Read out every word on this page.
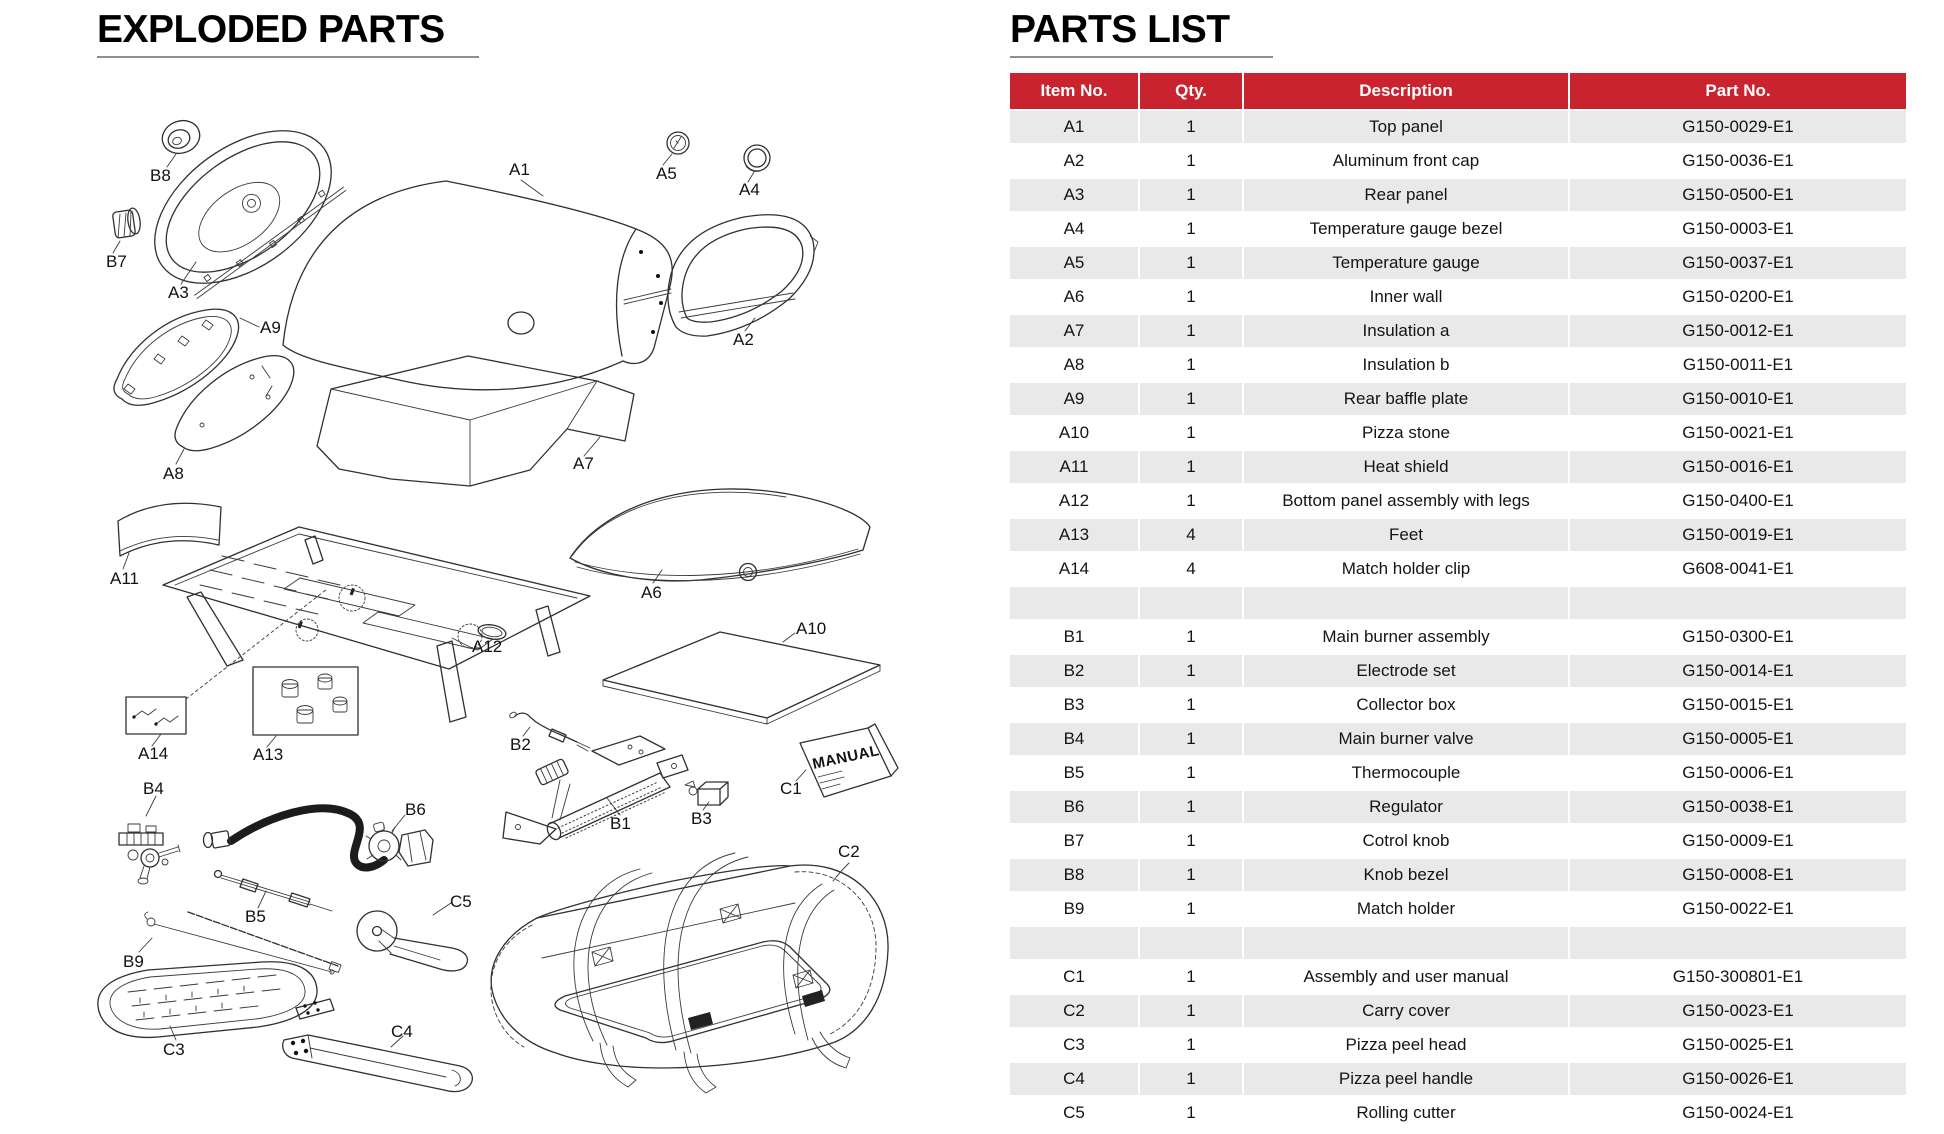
EXPLODED PARTS
MANUAL
A1
A2
A3
A4
A5
A6
A7
A8
A9
A10
A11
A12
A13
A14
B1
B2
B3
B4
B5
B6
B7
B8
B9
C1
C2
C3
C4
C5
PARTS LIST
Item No.	Qty.	Description	Part No.
A1	1	Top panel	G150-0029-E1
A2	1	Aluminum front cap	G150-0036-E1
A3	1	Rear panel	G150-0500-E1
A4	1	Temperature gauge bezel	G150-0003-E1
A5	1	Temperature gauge	G150-0037-E1
A6	1	Inner wall	G150-0200-E1
A7	1	Insulation a	G150-0012-E1
A8	1	Insulation b	G150-0011-E1
A9	1	Rear baffle plate	G150-0010-E1
A10	1	Pizza stone	G150-0021-E1
A11	1	Heat shield	G150-0016-E1
A12	1	Bottom panel assembly with legs	G150-0400-E1
A13	4	Feet	G150-0019-E1
A14	4	Match holder clip	G608-0041-E1

B1	1	Main burner assembly	G150-0300-E1
B2	1	Electrode set	G150-0014-E1
B3	1	Collector box	G150-0015-E1
B4	1	Main burner valve	G150-0005-E1
B5	1	Thermocouple	G150-0006-E1
B6	1	Regulator	G150-0038-E1
B7	1	Cotrol knob	G150-0009-E1
B8	1	Knob bezel	G150-0008-E1
B9	1	Match holder	G150-0022-E1

C1	1	Assembly and user manual	G150-300801-E1
C2	1	Carry cover	G150-0023-E1
C3	1	Pizza peel head	G150-0025-E1
C4	1	Pizza peel handle	G150-0026-E1
C5	1	Rolling cutter	G150-0024-E1
